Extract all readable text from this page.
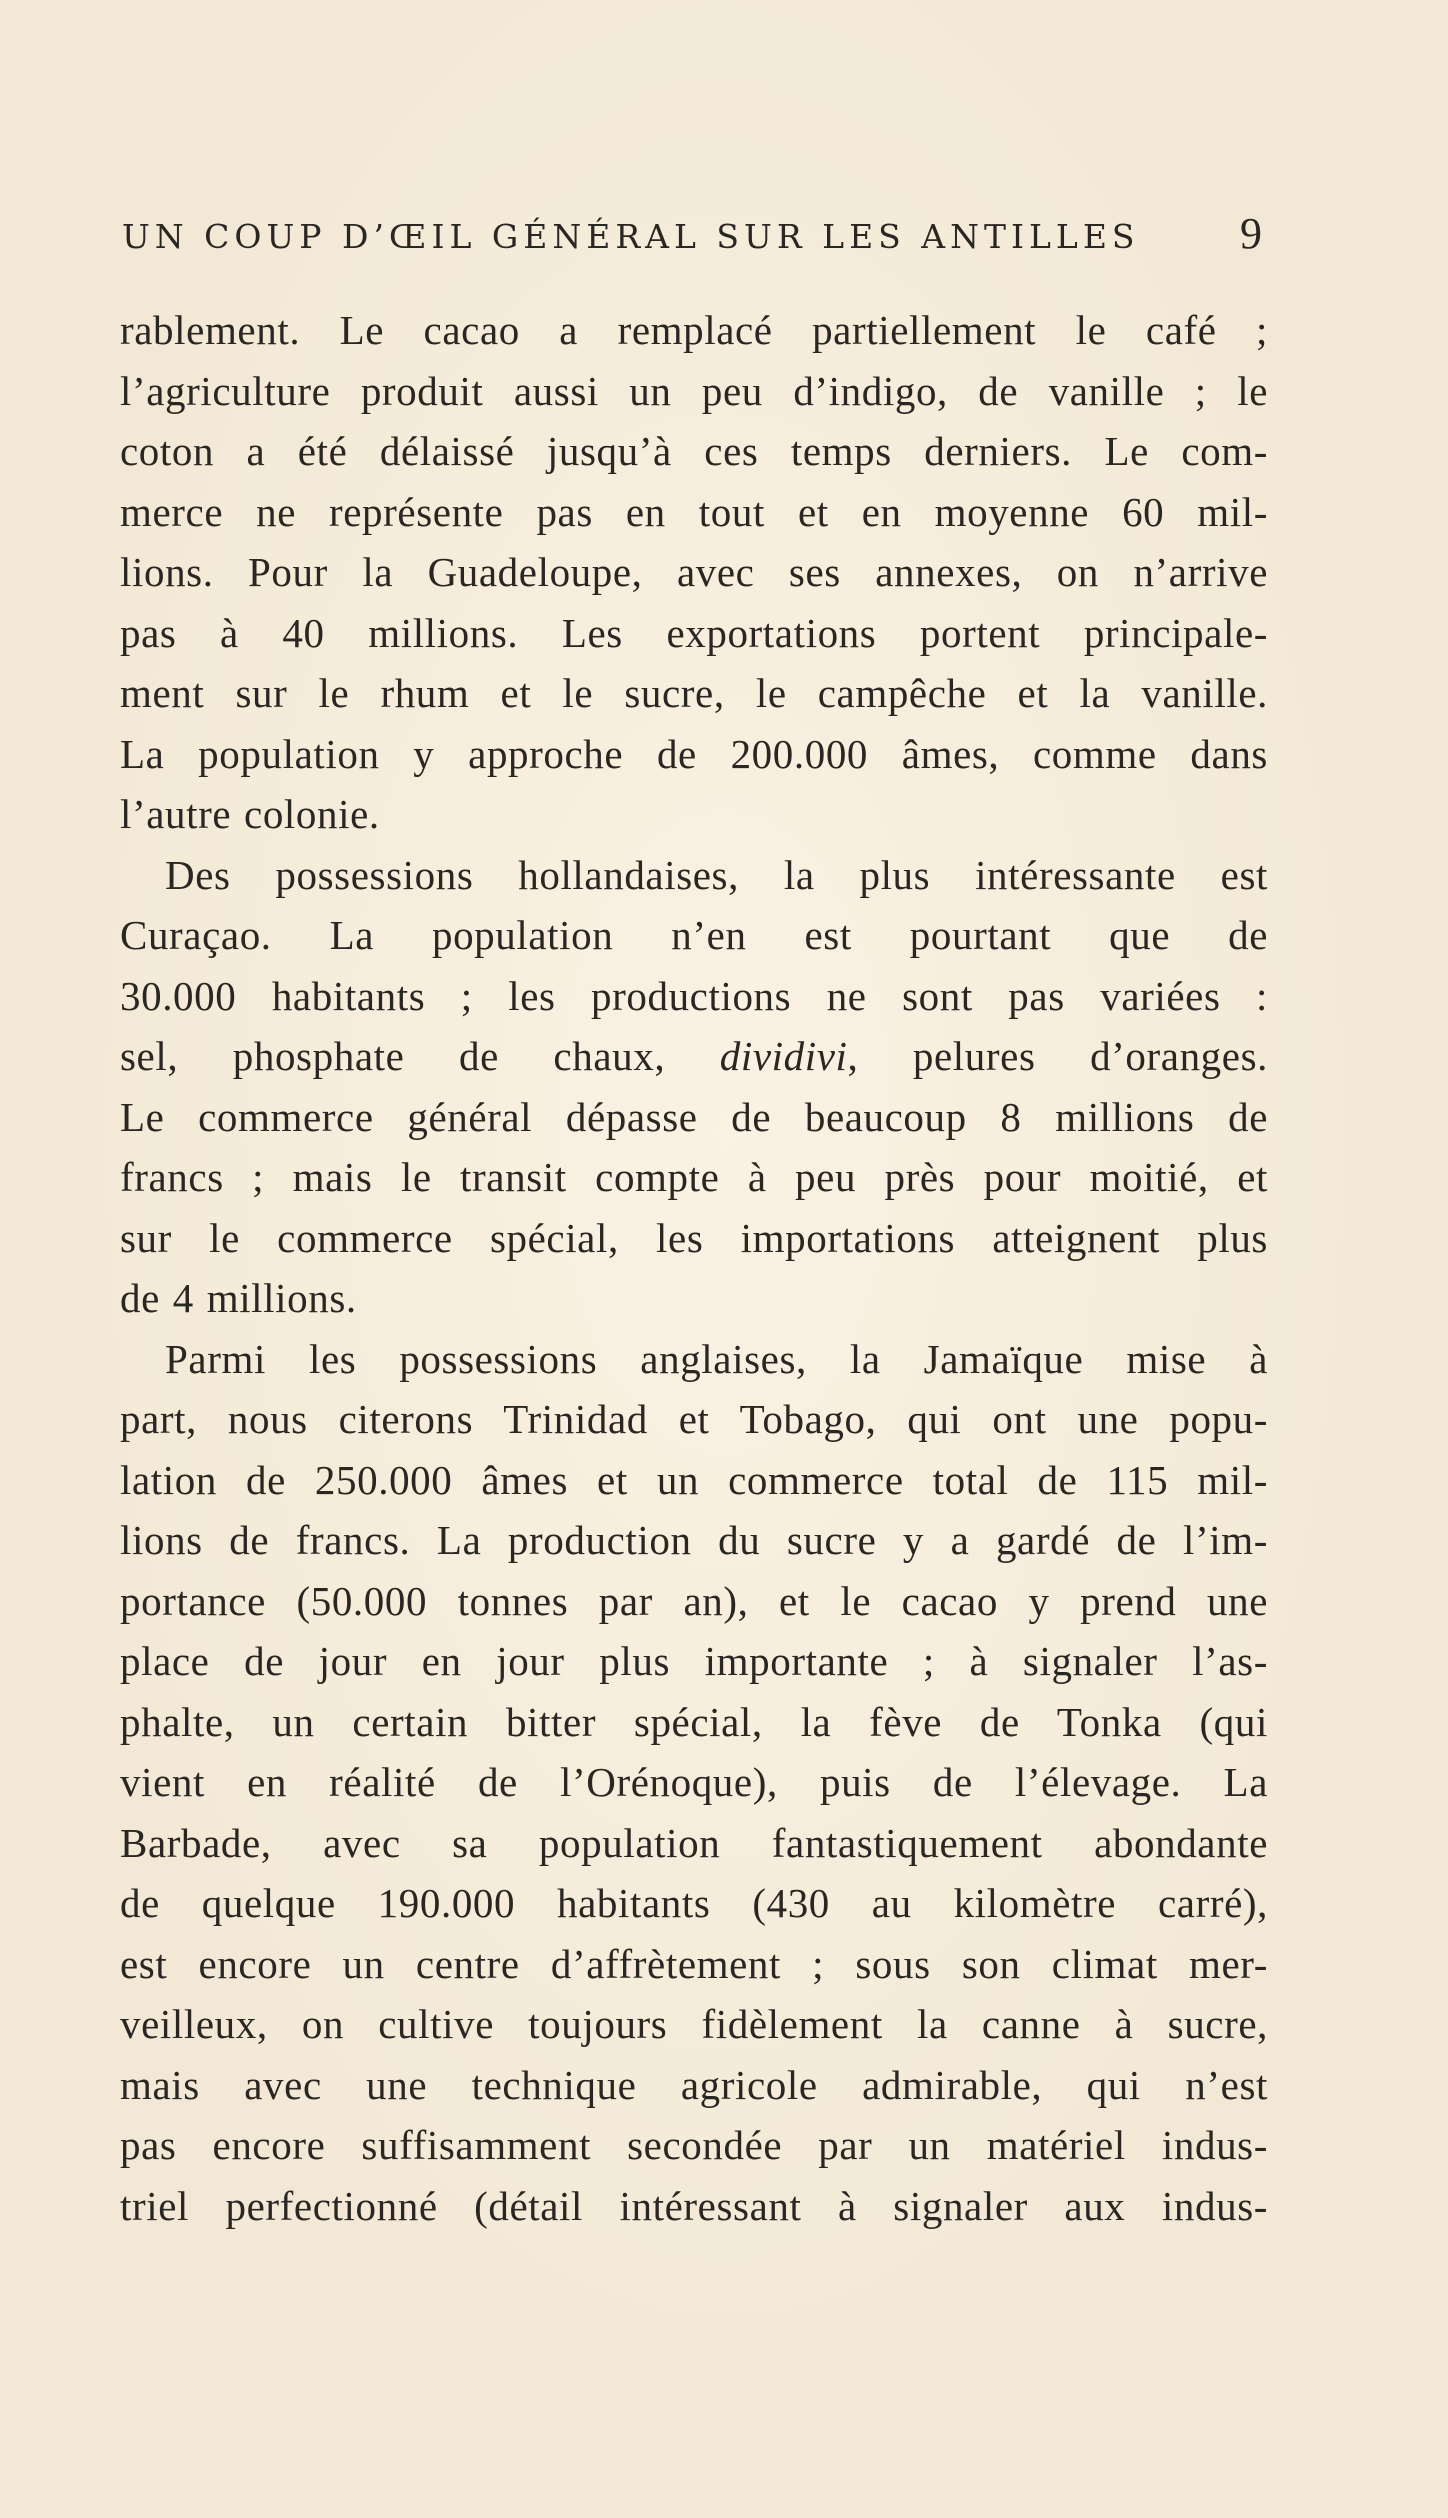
UN COUP D’ŒIL GÉNÉRAL SUR LES ANTILLES 9
rablement. Le cacao a remplacé partiellement le café ;
l’agriculture produit aussi un peu d’indigo, de vanille ; le
coton a été délaissé jusqu’à ces temps derniers. Le com-
merce ne représente pas en tout et en moyenne 60 mil-
lions. Pour la Guadeloupe, avec ses annexes, on n’arrive
pas à 40 millions. Les exportations portent principale-
ment sur le rhum et le sucre, le campêche et la vanille.
La population y approche de 200.000 âmes, comme dans
l’autre colonie.
Des possessions hollandaises, la plus intéressante est
Curaçao. La population n’en est pourtant que de
30.000 habitants ; les productions ne sont pas variées :
sel, phosphate de chaux, dividivi, pelures d’oranges.
Le commerce général dépasse de beaucoup 8 millions de
francs ; mais le transit compte à peu près pour moitié, et
sur le commerce spécial, les importations atteignent plus
de 4 millions.
Parmi les possessions anglaises, la Jamaïque mise à
part, nous citerons Trinidad et Tobago, qui ont une popu-
lation de 250.000 âmes et un commerce total de 115 mil-
lions de francs. La production du sucre y a gardé de l’im-
portance (50.000 tonnes par an), et le cacao y prend une
place de jour en jour plus importante ; à signaler l’as-
phalte, un certain bitter spécial, la fève de Tonka (qui
vient en réalité de l’Orénoque), puis de l’élevage. La
Barbade, avec sa population fantastiquement abondante
de quelque 190.000 habitants (430 au kilomètre carré),
est encore un centre d’affrètement ; sous son climat mer-
veilleux, on cultive toujours fidèlement la canne à sucre,
mais avec une technique agricole admirable, qui n’est
pas encore suffisamment secondée par un matériel indus-
triel perfectionné (détail intéressant à signaler aux indus-
